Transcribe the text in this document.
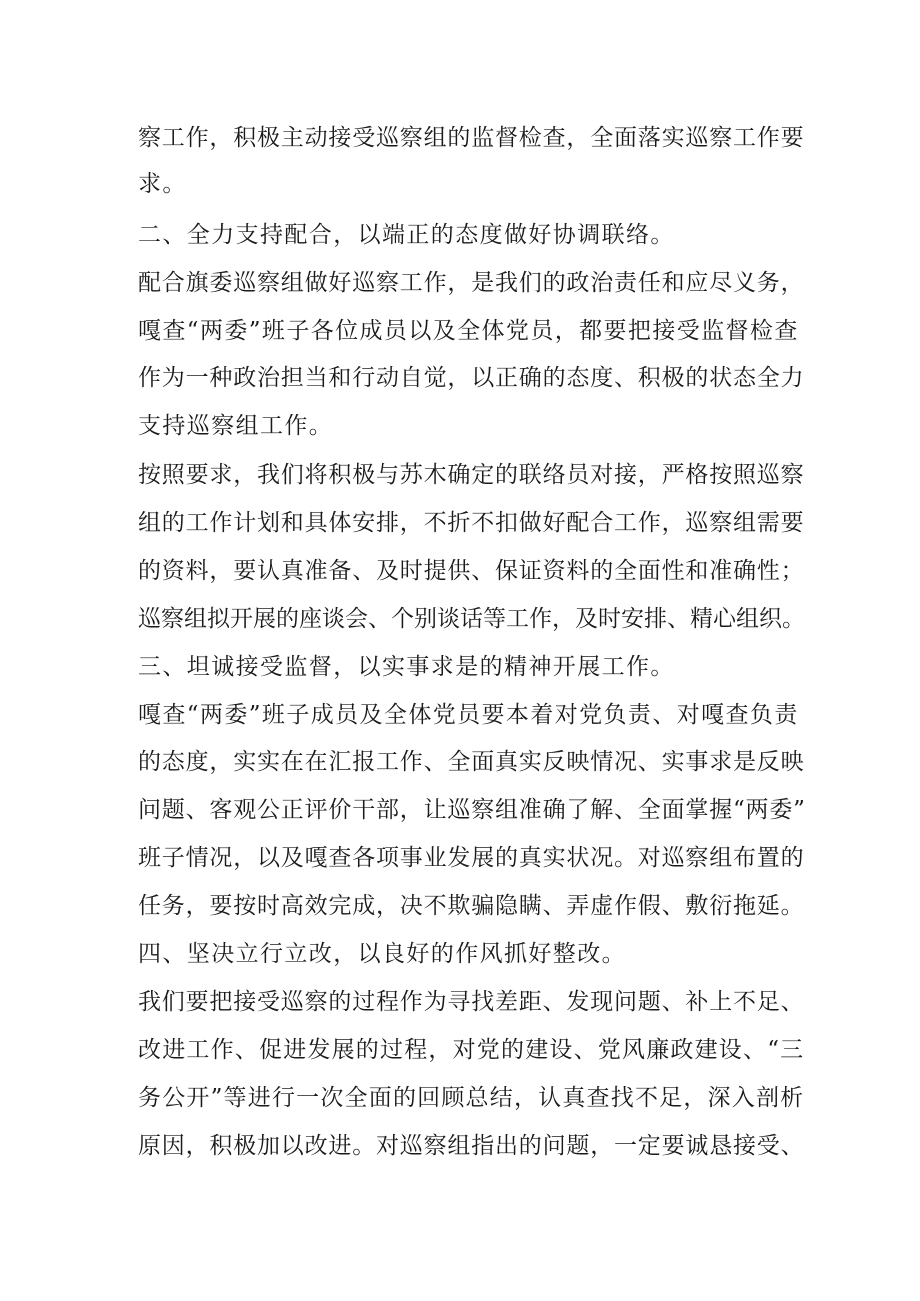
察工作，积极主动接受巡察组的监督检查，全面落实巡察工作要
求。
二、全力支持配合，以端正的态度做好协调联络。
配合旗委巡察组做好巡察工作，是我们的政治责任和应尽义务，
嘎查“两委”班子各位成员以及全体党员，都要把接受监督检查
作为一种政治担当和行动自觉，以正确的态度、积极的状态全力
支持巡察组工作。
按照要求，我们将积极与苏木确定的联络员对接，严格按照巡察
组的工作计划和具体安排，不折不扣做好配合工作，巡察组需要
的资料，要认真准备、及时提供、保证资料的全面性和准确性；
巡察组拟开展的座谈会、个别谈话等工作，及时安排、精心组织。
三、坦诚接受监督，以实事求是的精神开展工作。
嘎查“两委”班子成员及全体党员要本着对党负责、对嘎查负责
的态度，实实在在汇报工作、全面真实反映情况、实事求是反映
问题、客观公正评价干部，让巡察组准确了解、全面掌握“两委”
班子情况，以及嘎查各项事业发展的真实状况。对巡察组布置的
任务，要按时高效完成，决不欺骗隐瞒、弄虚作假、敷衍拖延。
四、坚决立行立改，以良好的作风抓好整改。
我们要把接受巡察的过程作为寻找差距、发现问题、补上不足、
改进工作、促进发展的过程，对党的建设、党风廉政建设、“三
务公开”等进行一次全面的回顾总结，认真查找不足，深入剖析
原因，积极加以改进。对巡察组指出的问题，一定要诚恳接受、
